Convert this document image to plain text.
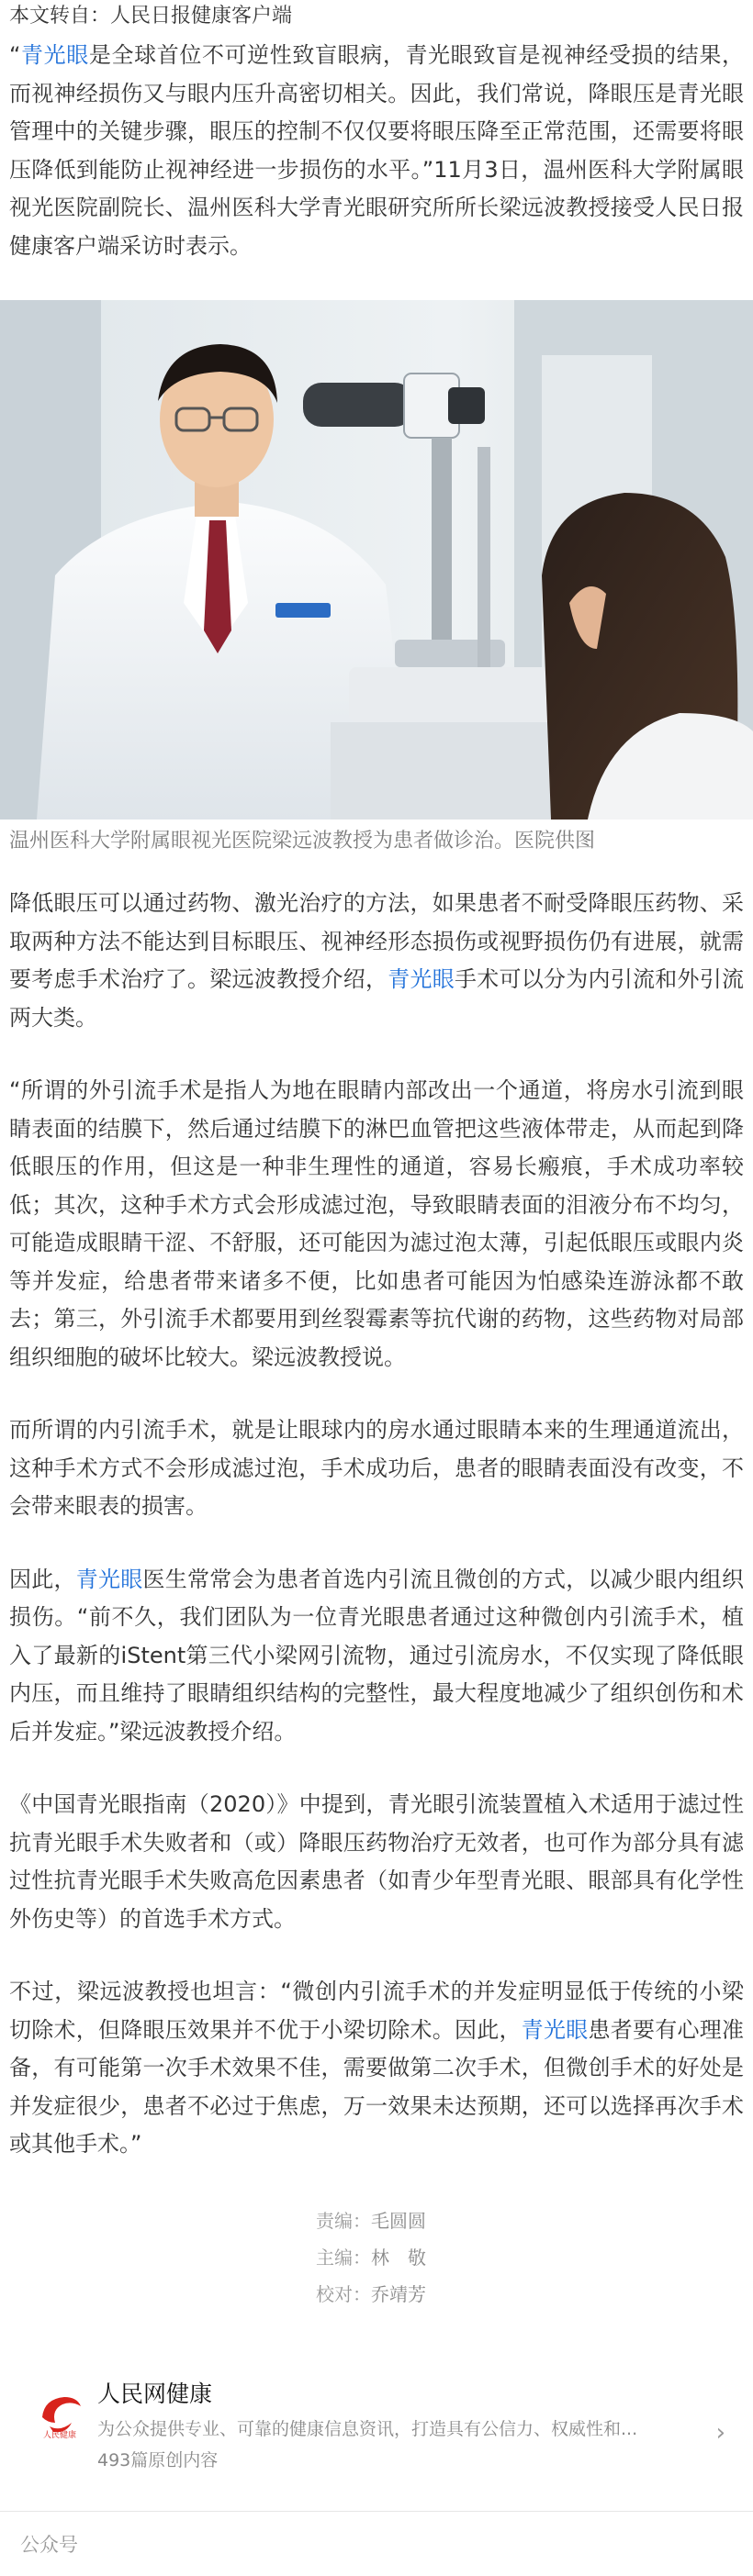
本文转自：人民日报健康客户端

“青光眼是全球首位不可逆性致盲眼病，青光眼致盲是视神经受损的结果，而视神经损伤又与眼内压升高密切相关。因此，我们常说，降眼压是青光眼管理中的关键步骤，眼压的控制不仅仅要将眼压降至正常范围，还需要将眼压降低到能防止视神经进一步损伤的水平。”11月3日，温州医科大学附属眼视光医院副院长、温州医科大学青光眼研究所所长梁远波教授接受人民日报健康客户端采访时表示。

温州医科大学附属眼视光医院梁远波教授为患者做诊治。医院供图

降低眼压可以通过药物、激光治疗的方法，如果患者不耐受降眼压药物、采取两种方法不能达到目标眼压、视神经形态损伤或视野损伤仍有进展，就需要考虑手术治疗了。梁远波教授介绍，青光眼手术可以分为内引流和外引流两大类。

“所谓的外引流手术是指人为地在眼睛内部改出一个通道，将房水引流到眼睛表面的结膜下，然后通过结膜下的淋巴血管把这些液体带走，从而起到降低眼压的作用，但这是一种非生理性的通道，容易长瘢痕，手术成功率较低；其次，这种手术方式会形成滤过泡，导致眼睛表面的泪液分布不均匀，可能造成眼睛干涩、不舒服，还可能因为滤过泡太薄，引起低眼压或眼内炎等并发症，给患者带来诸多不便，比如患者可能因为怕感染连游泳都不敢去；第三，外引流手术都要用到丝裂霉素等抗代谢的药物，这些药物对局部组织细胞的破坏比较大。梁远波教授说。

而所谓的内引流手术，就是让眼球内的房水通过眼睛本来的生理通道流出，这种手术方式不会形成滤过泡，手术成功后，患者的眼睛表面没有改变，不会带来眼表的损害。

因此，青光眼医生常常会为患者首选内引流且微创的方式，以减少眼内组织损伤。“前不久，我们团队为一位青光眼患者通过这种微创内引流手术，植入了最新的iStent第三代小梁网引流物，通过引流房水，不仅实现了降低眼内压，而且维持了眼睛组织结构的完整性，最大程度地减少了组织创伤和术后并发症。”梁远波教授介绍。

《中国青光眼指南（2020）》中提到，青光眼引流装置植入术适用于滤过性抗青光眼手术失败者和（或）降眼压药物治疗无效者，也可作为部分具有滤过性抗青光眼手术失败高危因素患者（如青少年型青光眼、眼部具有化学性外伤史等）的首选手术方式。

不过，梁远波教授也坦言：“微创内引流手术的并发症明显低于传统的小梁切除术，但降眼压效果并不优于小梁切除术。因此，青光眼患者要有心理准备，有可能第一次手术效果不佳，需要做第二次手术，但微创手术的好处是并发症很少，患者不必过于焦虑，万一效果未达预期，还可以选择再次手术或其他手术。”

责编：毛圆圆
主编：林　敬
校对：乔靖芳
人民健康
人民网健康
为公众提供专业、可靠的健康信息资讯，打造具有公信力、权威性和...
493篇原创内容
›
公众号
